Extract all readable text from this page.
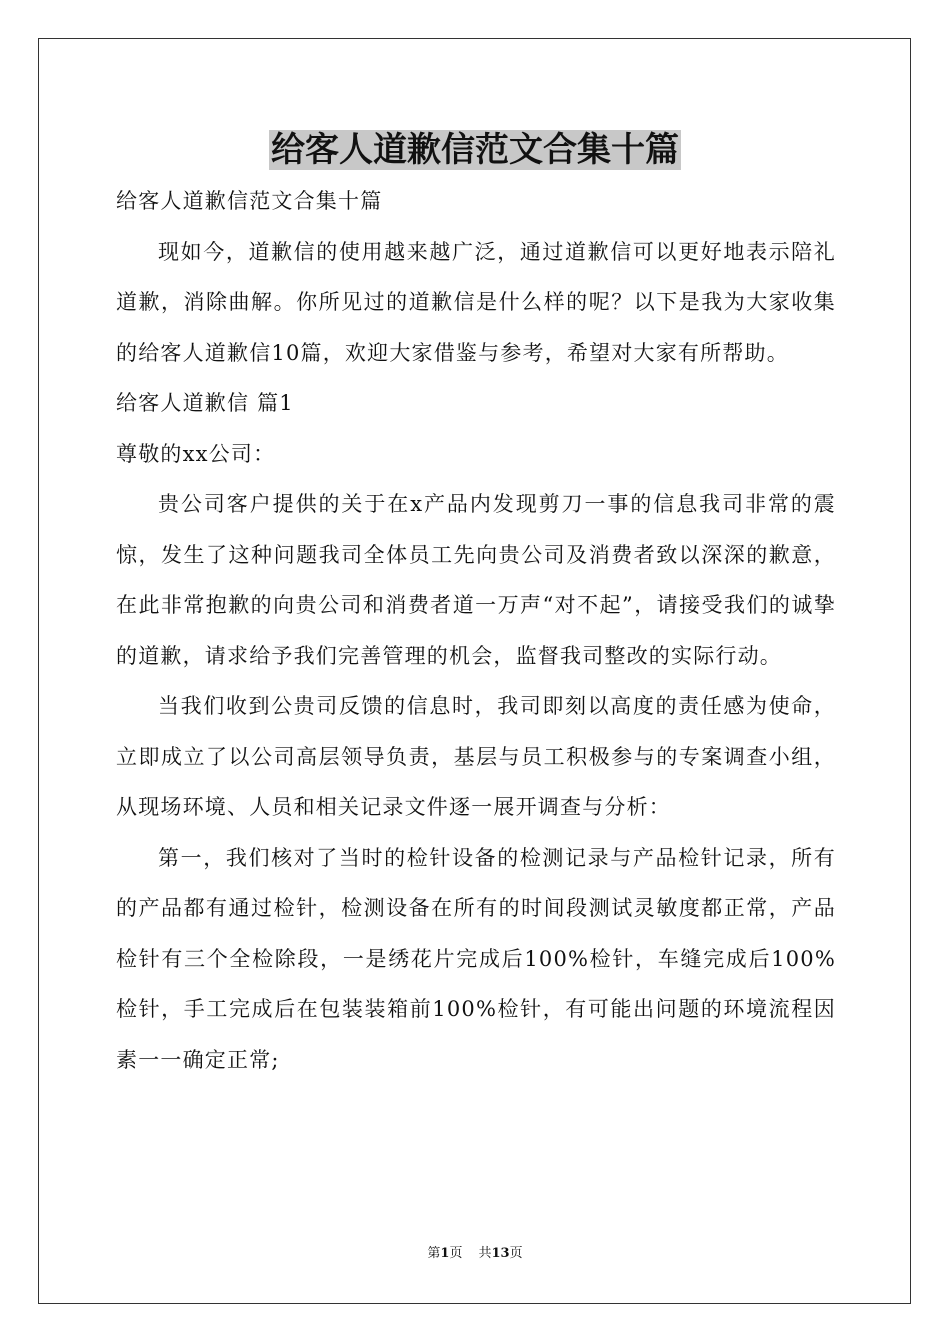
给客人道歉信范文合集十篇

给客人道歉信范文合集十篇

现如今，道歉信的使用越来越广泛，通过道歉信可以更好地表示陪礼道歉，消除曲解。你所见过的道歉信是什么样的呢？以下是我为大家收集的给客人道歉信10篇，欢迎大家借鉴与参考，希望对大家有所帮助。

给客人道歉信 篇1

尊敬的xx公司：

贵公司客户提供的关于在x产品内发现剪刀一事的信息我司非常的震惊，发生了这种问题我司全体员工先向贵公司及消费者致以深深的歉意，在此非常抱歉的向贵公司和消费者道一万声“对不起”，请接受我们的诚挚的道歉，请求给予我们完善管理的机会，监督我司整改的实际行动。

当我们收到公贵司反馈的信息时，我司即刻以高度的责任感为使命，立即成立了以公司高层领导负责，基层与员工积极参与的专案调查小组，从现场环境、人员和相关记录文件逐一展开调查与分析：

第一，我们核对了当时的检针设备的检测记录与产品检针记录，所有的产品都有通过检针，检测设备在所有的时间段测试灵敏度都正常，产品检针有三个全检除段，一是绣花片完成后100%检针，车缝完成后100%检针，手工完成后在包装装箱前100%检针，有可能出问题的环境流程因素一一确定正常;

第1页 共13页
